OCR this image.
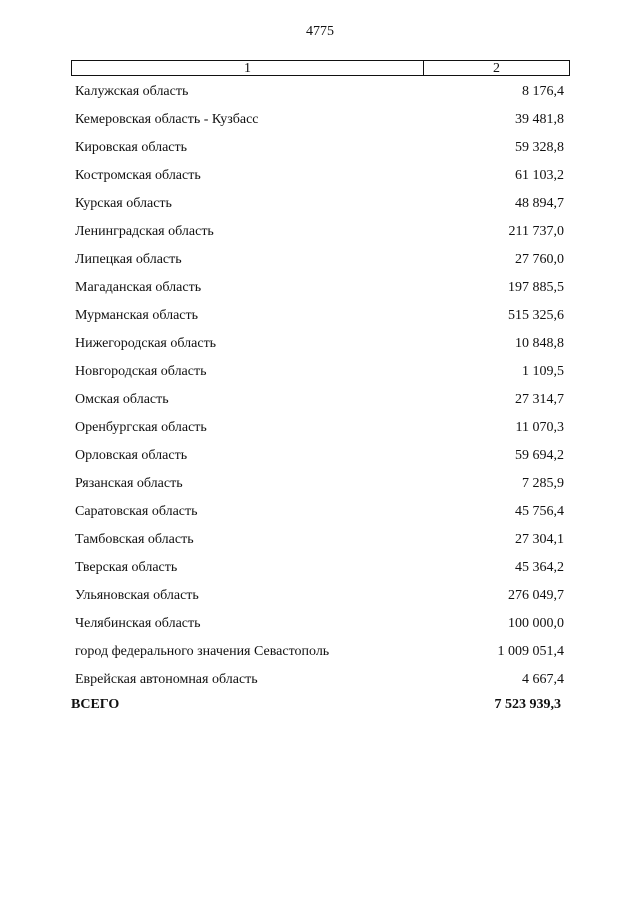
4775
1	2
Калужская область	8 176,4
Кемеровская область - Кузбасс	39 481,8
Кировская область	59 328,8
Костромская область	61 103,2
Курская область	48 894,7
Ленинградская область	211 737,0
Липецкая область	27 760,0
Магаданская область	197 885,5
Мурманская область	515 325,6
Нижегородская область	10 848,8
Новгородская область	1 109,5
Омская область	27 314,7
Оренбургская область	11 070,3
Орловская область	59 694,2
Рязанская область	7 285,9
Саратовская область	45 756,4
Тамбовская область	27 304,1
Тверская область	45 364,2
Ульяновская область	276 049,7
Челябинская область	100 000,0
город федерального значения Севастополь	1 009 051,4
Еврейская автономная область	4 667,4
ВСЕГО	7 523 939,3
